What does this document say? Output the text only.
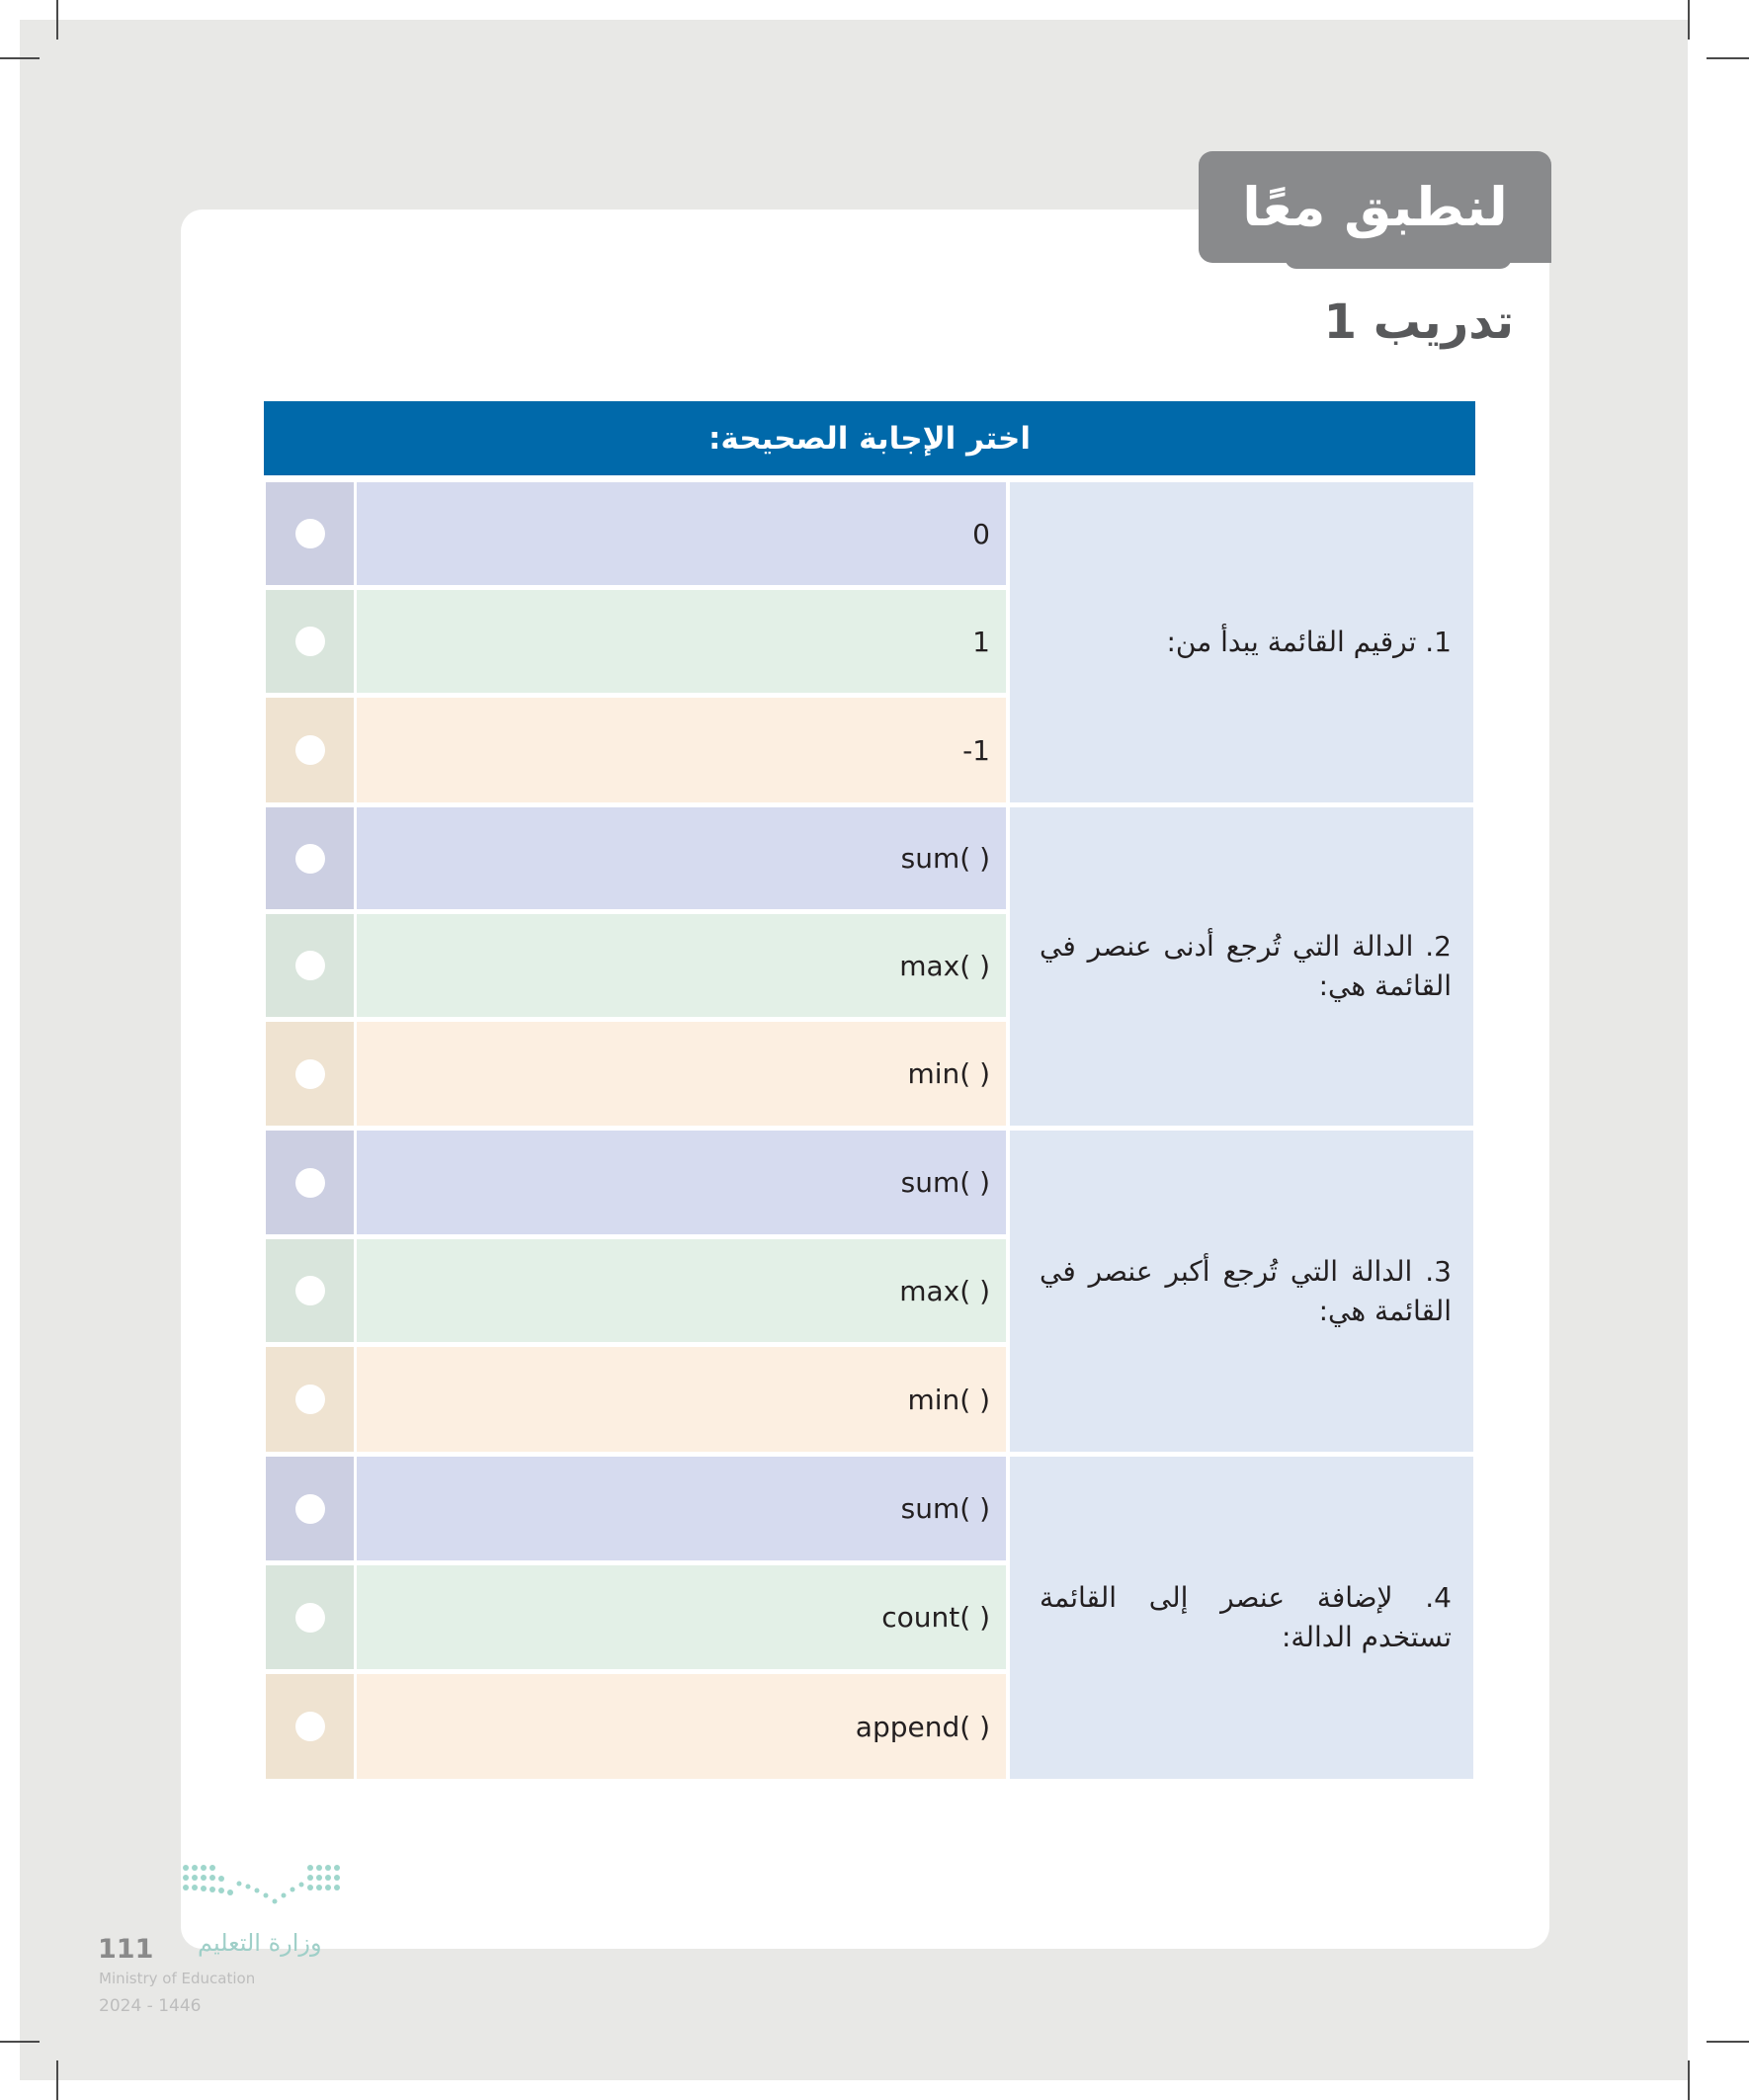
لنطبق معًا
تدريب 1
اختر الإجابة الصحيحة:
1. ترقيم القائمة يبدأ من:
0
1
-1
2. الدالة التي تُرجع أدنى عنصر في القائمة هي:
sum( )
max( )
min( )
3. الدالة التي تُرجع أكبر عنصر في القائمة هي:
sum( )
max( )
min( )
4. لإضافة عنصر إلى القائمة تستخدم الدالة:
sum( )
count( )
append( )
وزارة التعليم
Ministry of Education
2024 - 1446
111
